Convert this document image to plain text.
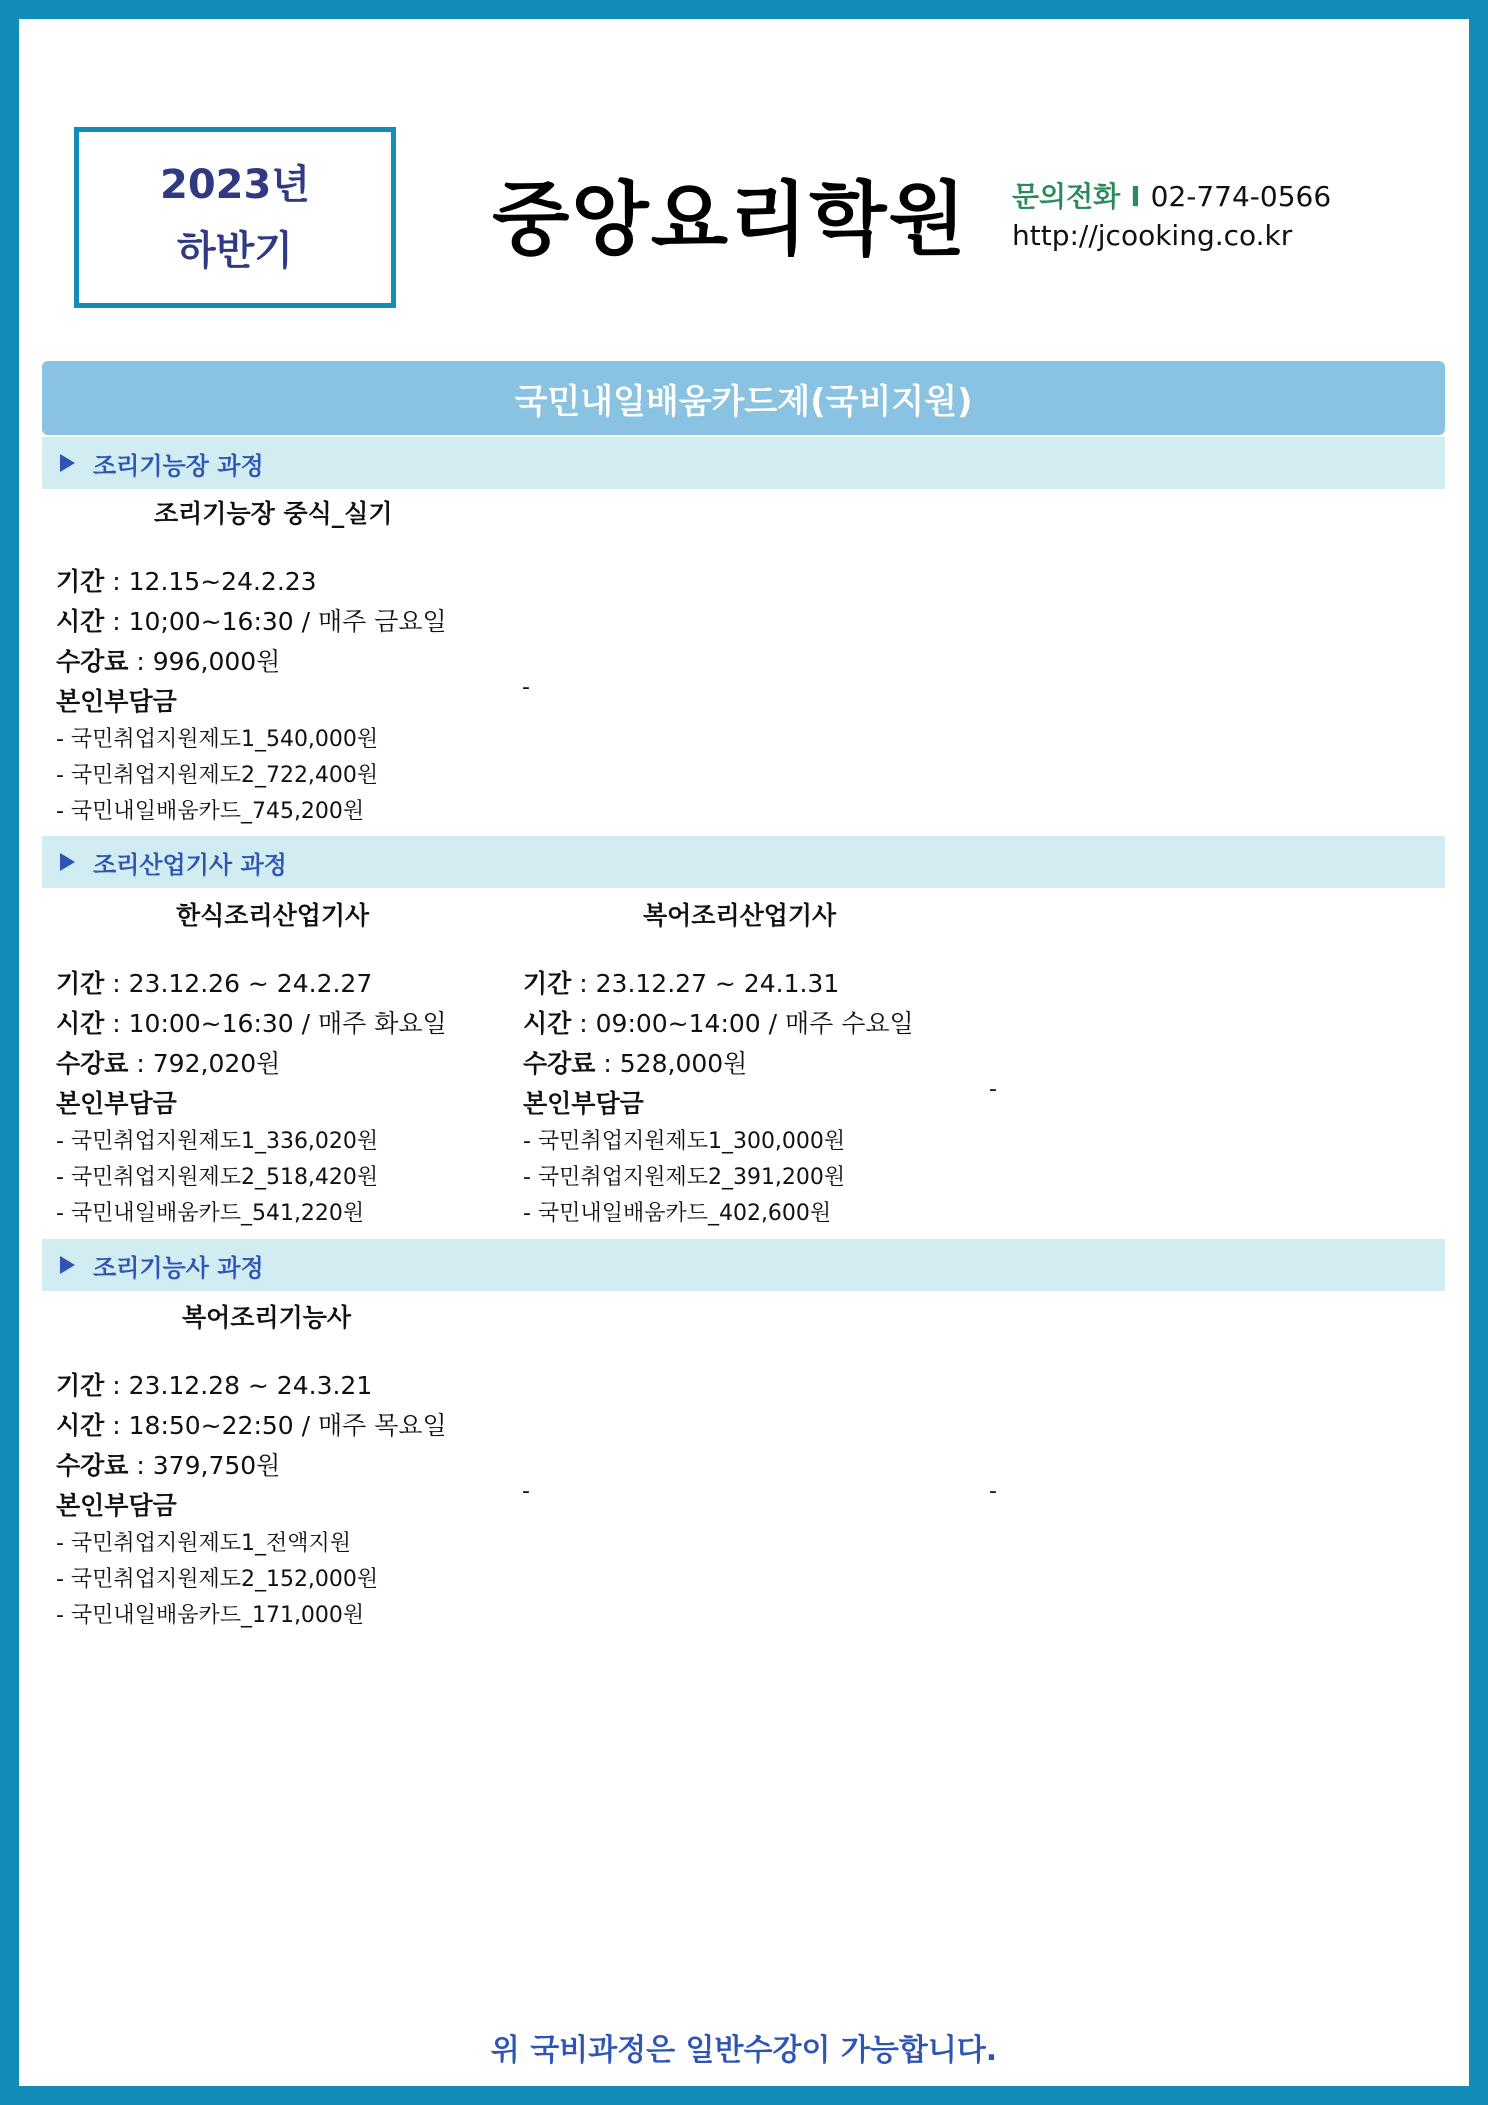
2023년
하반기	중앙요리학원	문의전화 I 02-774-0566
http://jcooking.co.kr
국민내일배움카드제(국비지원)
조리기능장 과정
조리기능장 중식_실기
기간 : 12.15~24.2.23
시간 : 10;00~16:30 / 매주 금요일
수강료 : 996,000원
본인부담금
- 국민취업지원제도1_540,000원
- 국민취업지원제도2_722,400원
- 국민내일배움카드_745,200원
-
조리산업기사 과정
한식조리산업기사
기간 : 23.12.26 ~ 24.2.27
시간 : 10:00~16:30 / 매주 화요일
수강료 : 792,020원
본인부담금
- 국민취업지원제도1_336,020원
- 국민취업지원제도2_518,420원
- 국민내일배움카드_541,220원
복어조리산업기사
기간 : 23.12.27 ~ 24.1.31
시간 : 09:00~14:00 / 매주 수요일
수강료 : 528,000원
본인부담금
- 국민취업지원제도1_300,000원
- 국민취업지원제도2_391,200원
- 국민내일배움카드_402,600원
-
조리기능사 과정
복어조리기능사
기간 : 23.12.28 ~ 24.3.21
시간 : 18:50~22:50 / 매주 목요일
수강료 : 379,750원
본인부담금
- 국민취업지원제도1_전액지원
- 국민취업지원제도2_152,000원
- 국민내일배움카드_171,000원
-	-
위 국비과정은 일반수강이 가능합니다.
